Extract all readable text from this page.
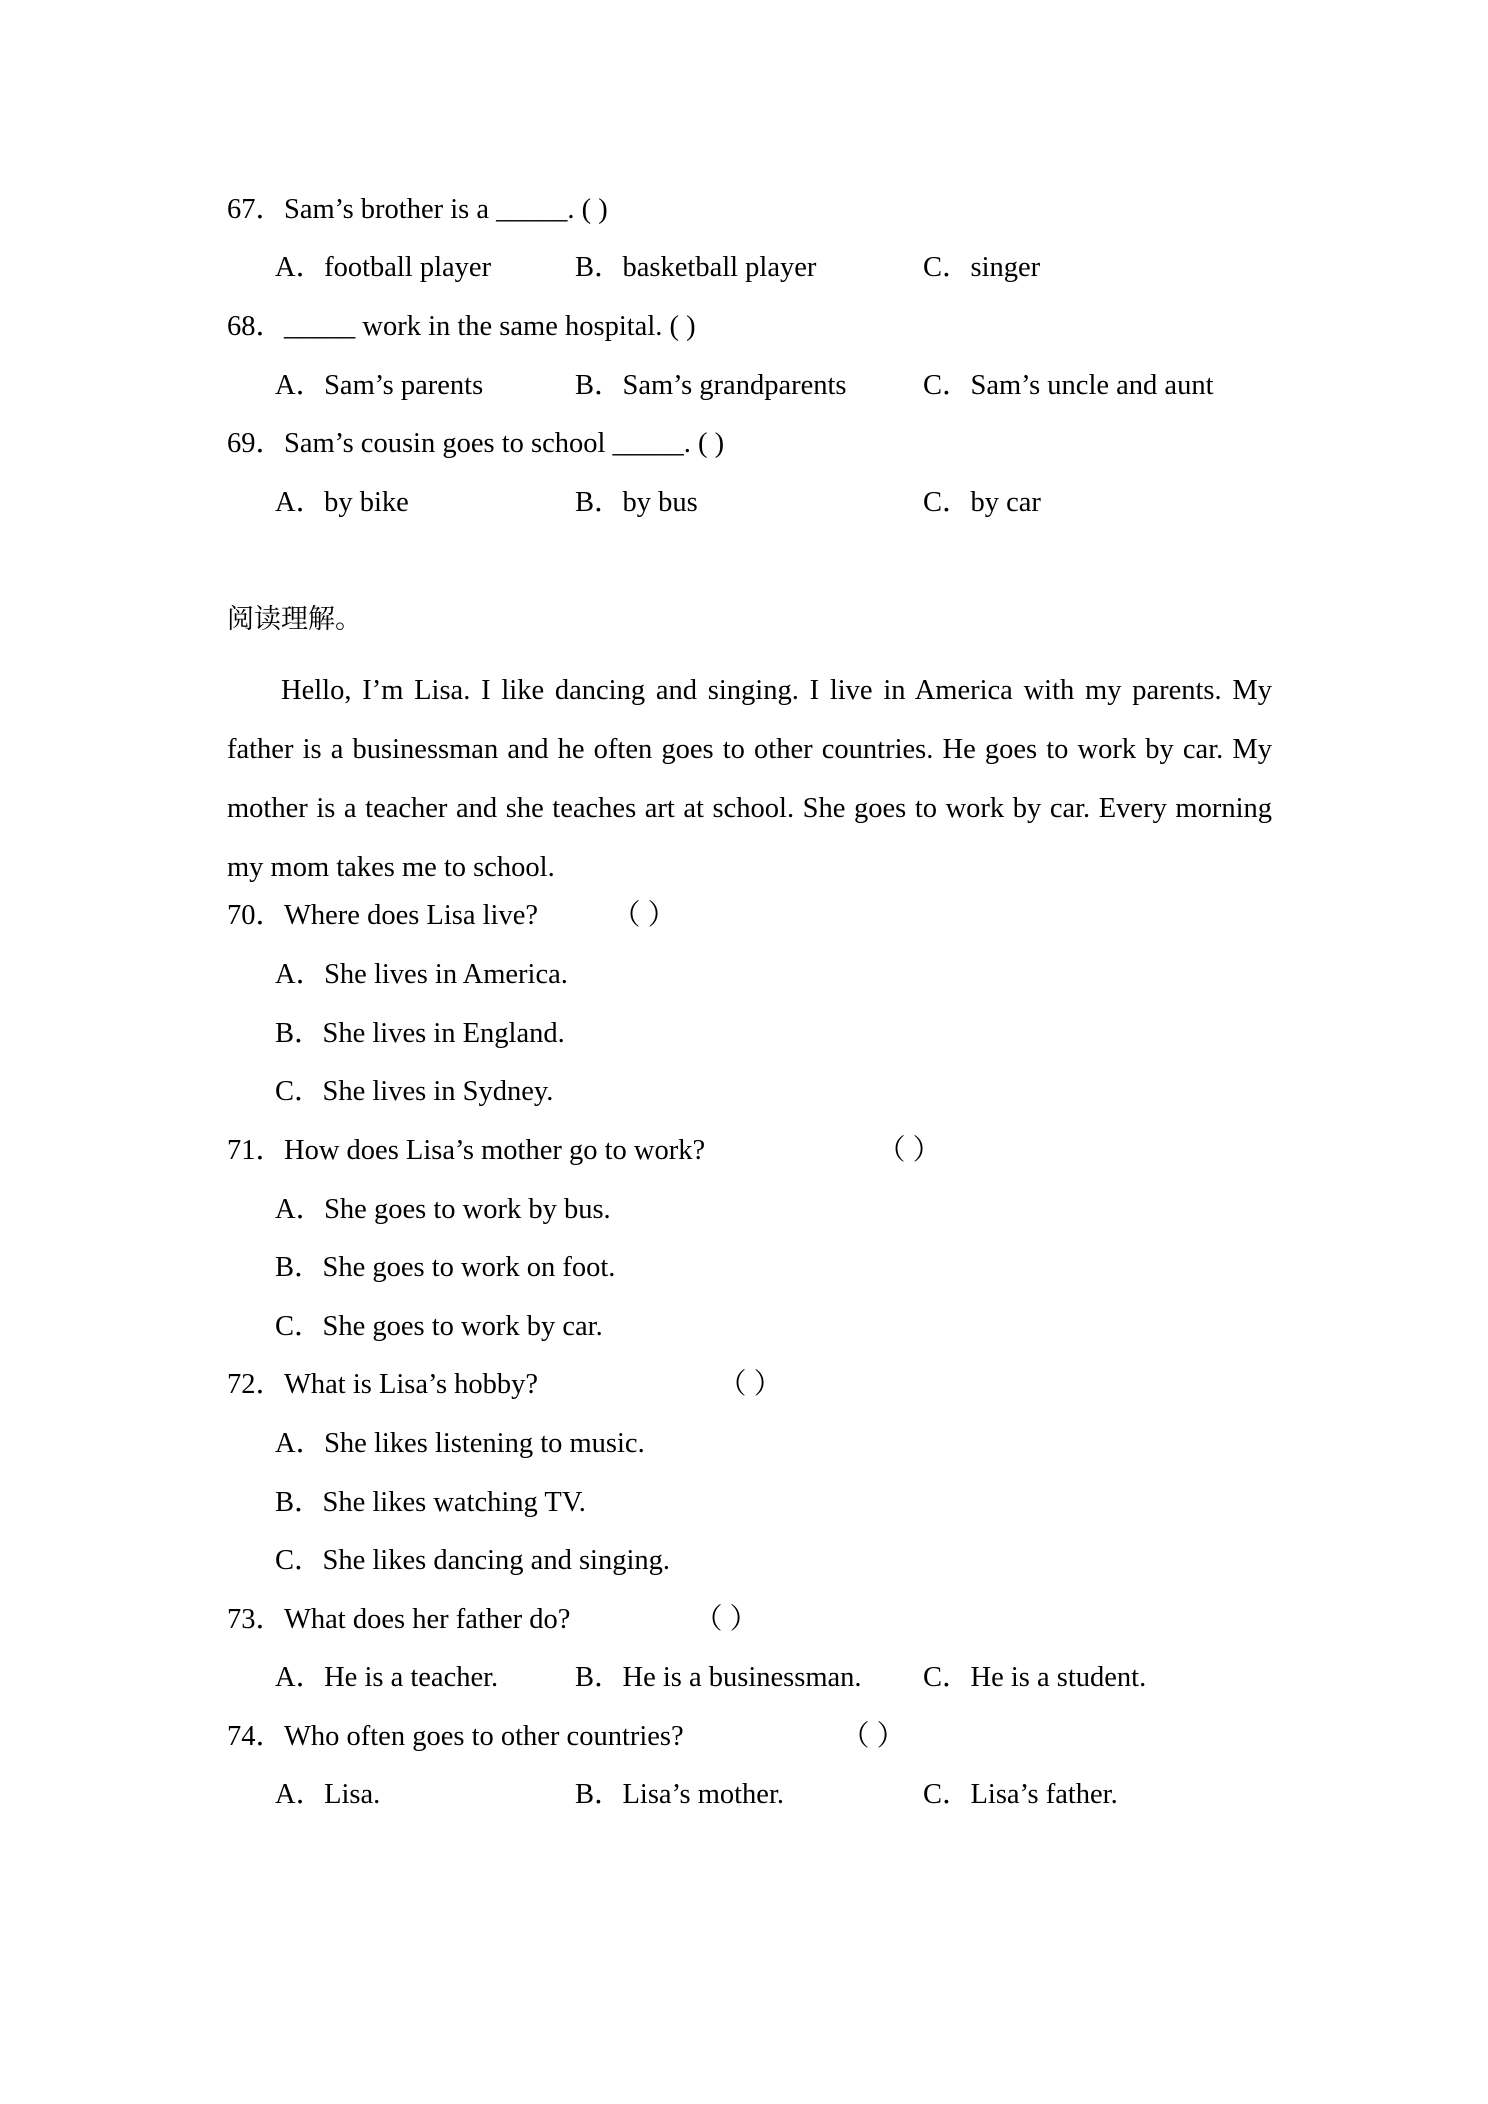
67．Sam’s brother is a _____. ( )
A．football player	B．basketball player	C．singer
68．_____ work in the same hospital. ( )
A．Sam’s parents	B．Sam’s grandparents	C．Sam’s uncle and aunt
69．Sam’s cousin goes to school _____. ( )
A．by bike	B．by bus	C．by car
阅读理解。
Hello, I’m Lisa. I like dancing and singing. I live in America with my parents. My father is a businessman and he often goes to other countries. He goes to work by car. My mother is a teacher and she teaches art at school. She goes to work by car. Every morning my mom takes me to school.
70．Where does Lisa live?	（ ）
A．She lives in America.
B．She lives in England.
C．She lives in Sydney.
71．How does Lisa’s mother go to work?	（ ）
A．She goes to work by bus.
B．She goes to work on foot.
C．She goes to work by car.
72．What is Lisa’s hobby?	（ ）
A．She likes listening to music.
B．She likes watching TV.
C．She likes dancing and singing.
73．What does her father do?	（ ）
A．He is a teacher.	B．He is a businessman. C．He is a student.
74．Who often goes to other countries?	（ ）
A．Lisa.	B．Lisa’s mother.	C．Lisa’s father.
